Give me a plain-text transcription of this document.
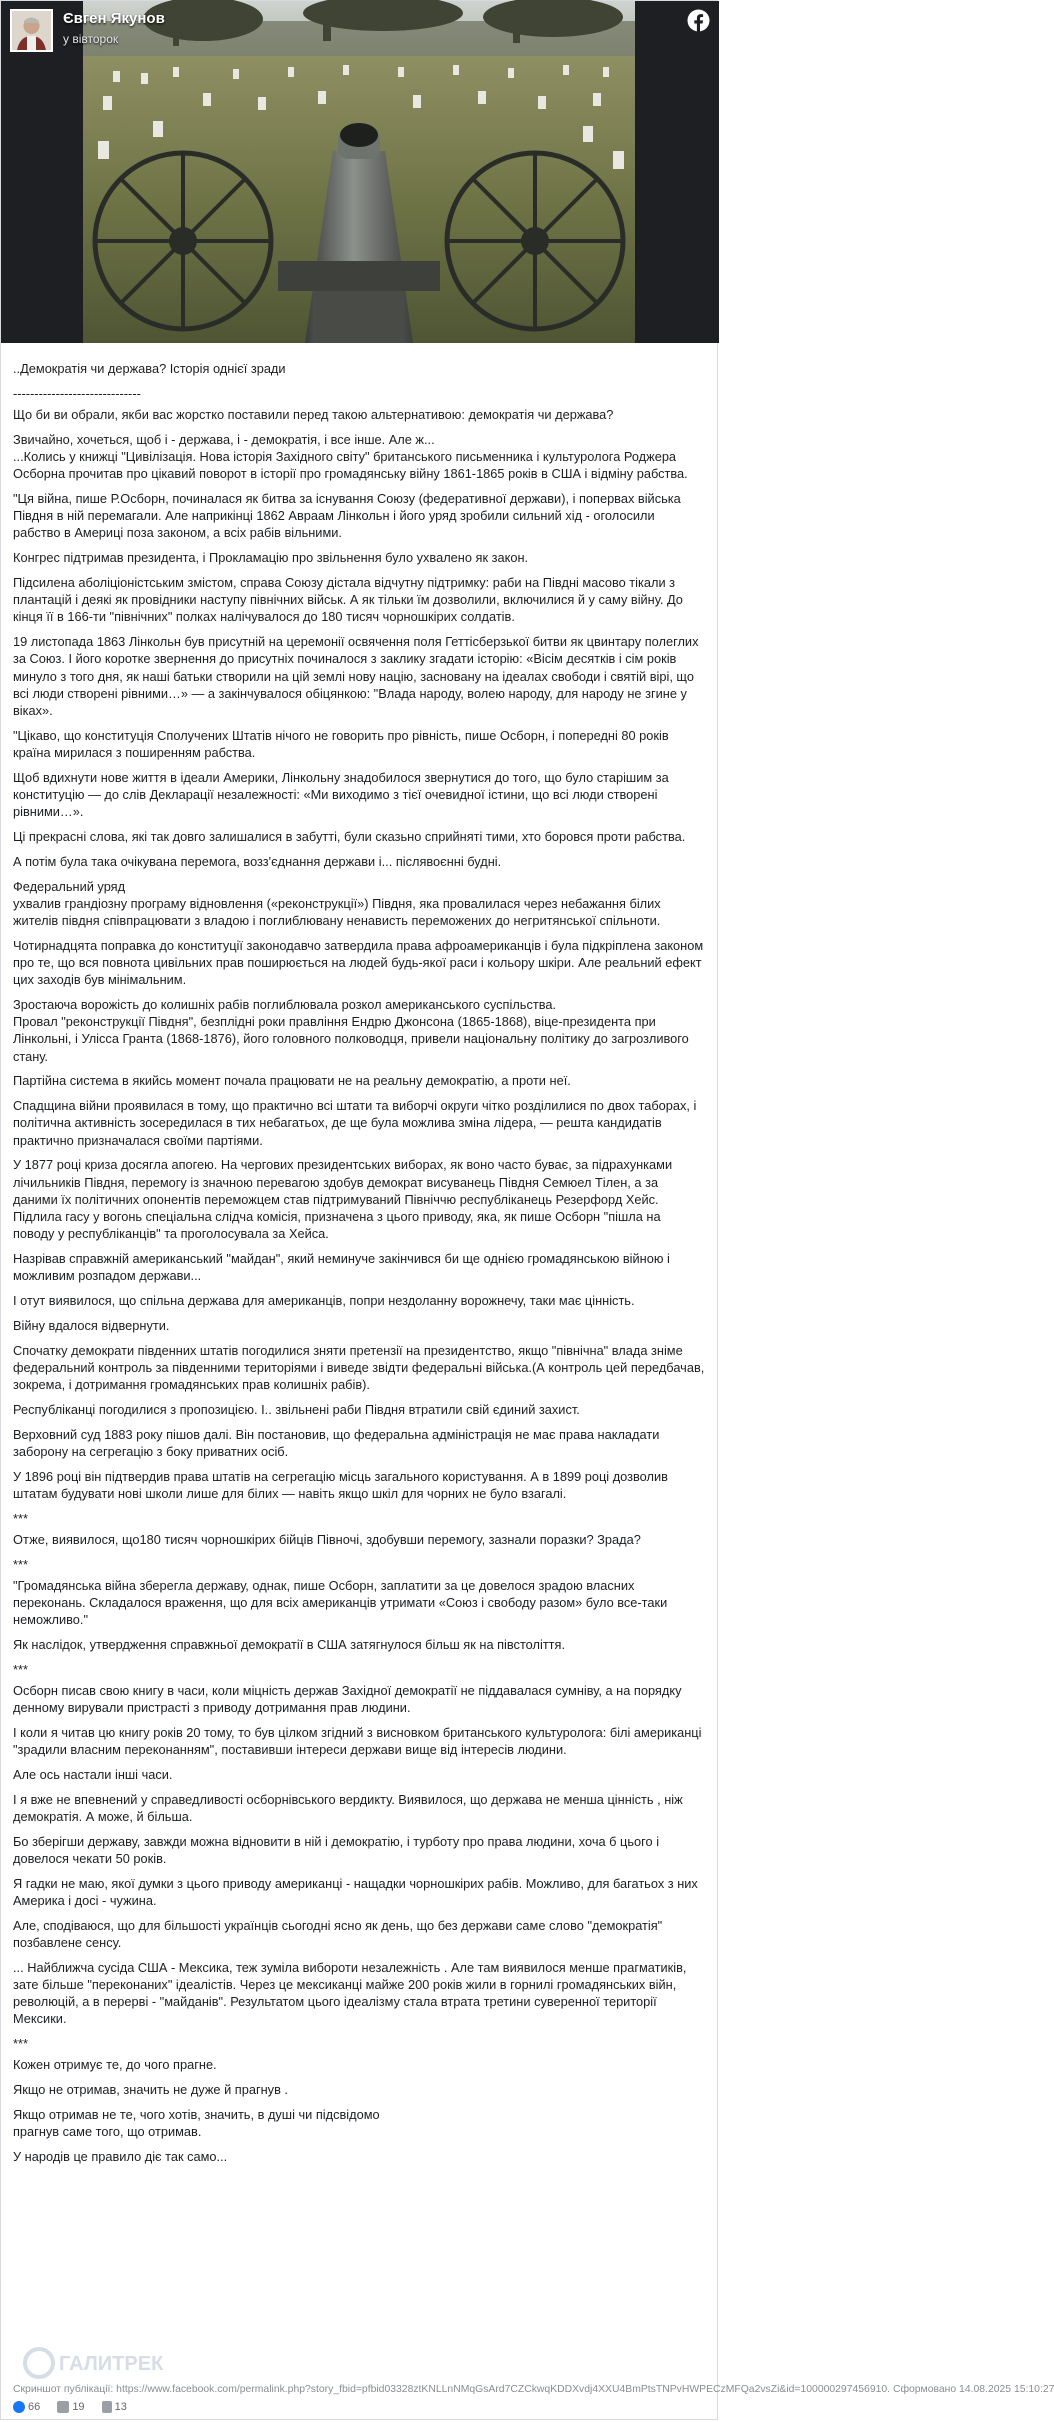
Євген Якунов
у вівторок

..Демократія чи держава? Історія однієї зради

------------------------------

Що би ви обрали, якби вас жорстко поставили перед такою альтернативою: демократія чи держава?

Звичайно, хочеться, щоб і - держава, і - демократія, і все інше. Але ж...
...Колись у книжці "Цивілізація. Нова історія Західного світу" британського письменника і культуролога Роджера Осборна прочитав про цікавий поворот в історії про громадянську війну 1861-1865 років в США і відміну рабства.

"Ця війна, пише Р.Осборн, починалася як битва за існування Союзу (федеративної держави), і поперваx війська Півдня в ній перемагали. Але наприкінці 1862 Авраам Лінкольн і його уряд зробили сильний хід - оголосили рабство в Америці поза законом, а всіх рабів вільними.

Конгрес підтримав президента, і Прокламацію про звільнення було ухвалено як закон.

Підсилена аболіціоністським змістом, справа Союзу дістала відчутну підтримку: раби на Півдні масово тікали з плантацій і деякі як провідники наступу північних військ. А як тільки їм дозволили, включилися й у саму війну. До кінця її в 166-ти "північних" полках налічувалося до 180 тисяч чорношкірих солдатів.

19 листопада 1863 Лінкольн був присутній на церемонії освячення поля Геттісберзької битви як цвинтару полеглих за Союз. І його коротке звернення до присутніх починалося з заклику згадати історію: «Вісім десятків і сім років минуло з того дня, як наші батьки створили на цій землі нову націю, засновану на ідеалах свободи і святій вірі, що всі люди створені рівними…» — а закінчувалося обіцянкою: "Влада народу, волею народу, для народу не згине у віках».

"Цікаво, що конституція Сполучених Штатів нічого не говорить про рівність, пише Осборн, і попередні 80 років країна мирилася з поширенням рабства.

Щоб вдихнути нове життя в ідеали Америки, Лінкольну знадобилося звернутися до того, що було старішим за конституцію — до слів Декларації незалежності: «Ми виходимо з тієї очевидної істини, що всі люди створені рівними…».

Ці прекрасні слова, які так довго залишалися в забутті, були сказьно сприйняті тими, хто боровся проти рабства.

А потім була така очікувана перемога, возз'єднання держави і... післявоєнні будні.

Федеральний уряд
ухвалив грандіозну програму відновлення («реконструкції») Півдня, яка провалилася через небажання білих жителів півдня співпрацювати з владою і поглиблювану ненависть переможених до негритянської спільноти.

Чотирнадцята поправка до конституції законодавчо затвердила права афроамериканців і була підкріплена законом про те, що вся повнота цивільних прав поширюється на людей будь-якої раси і кольору шкіри. Але реальний ефект цих заходів був мінімальним.

Зростаюча ворожість до колишніх рабів поглиблювала розкол американського суспільства.
Провал "реконструкції Півдня", безплідні роки правління Ендрю Джонсона (1865-1868), віце-президента при Лінкольні, і Улісса Гранта (1868-1876), його головного полководця, привели національну політику до загрозливого стану.

Партійна система в якийсь момент почала працювати не на реальну демократію, а проти неї.

Спадщина війни проявилася в тому, що практично всі штати та виборчі округи чітко розділилися по двох таборах, і політична активність зосередилася в тих небагатьох, де ще була можлива зміна лідера, — решта кандидатів практично призначалася своїми партіями.

У 1877 році криза досягла апогею. На чергових президентських виборах, як воно часто буває, за підрахунками лічильників Півдня, перемогу із значною перевагою здобув демократ висуванець Півдня Семюел Тілен, а за даними їх політичних опонентів переможцем став підтримуваний Північчю республіканець Резерфорд Хейс.
Підлила гасу у вогонь спеціальна слідча комісія, призначена з цього приводу, яка, як пише Осборн "пішла на поводу у республіканців" та проголосувала за Хейса.

Назрівав справжній американський "майдан", який неминуче закінчився би ще однією громадянською війною і можливим розпадом держави...

І отут виявилося, що спільна держава для американців, попри нездоланну ворожнечу, таки має цінність.

Війну вдалося відвернути.

Спочатку демократи південних штатів погодилися зняти претензії на президентство, якщо "північна" влада зніме федеральний контроль за південними територіями і виведе звідти федеральні війська.(А контроль цей передбачав, зокрема, і дотримання громадянських прав колишніх рабів).

Республіканці погодилися з пропозицією. І.. звільнені раби Півдня втратили свій єдиний захист.

Верховний суд 1883 року пішов далі. Він постановив, що федеральна адміністрація не має права накладати заборону на сегрегацію з боку приватних осіб.

У 1896 році він підтвердив права штатів на сегрегацію місць загального користування. А в 1899 році дозволив штатам будувати нові школи лише для білих — навіть якщо шкіл для чорних не було взагалі.

***

Отже, виявилося, що180 тисяч чорношкірих бійців Півночі, здобувши перемогу, зазнали поразки? Зрада?

***

"Громадянська війна зберегла державу, однак, пише Осборн, заплатити за це довелося зрадою власних переконань. Складалося враження, що для всіх американців утримати «Союз і свободу разом» було все-таки неможливо."

Як наслідок, утвердження справжньої демократії в США затягнулося більш як на півстоліття.

***

Осборн писав свою книгу в часи, коли міцність держав Західної демократії не піддавалася сумніву, а на порядку денному вирували пристрасті з приводу дотримання прав людини.

І коли я читав цю книгу років 20 тому, то був цілком згідний з висновком британського культуролога: білі американці "зрадили власним переконанням", поставивши інтереси держави вище від інтересів людини.

Але ось настали інші часи.

І я вже не впевнений у справедливості осборнівського вердикту. Виявилося, що держава не менша цінність , ніж демократія. А може, й більша.

Бо зберігши державу, завжди можна відновити в ній і демократію, і турботу про права людини, хоча б цього і довелося чекати 50 років.

Я гадки не маю, якої думки з цього приводу американці - нащадки чорношкірих рабів. Можливо, для багатьох з них Америка і досі - чужина.

Але, сподіваюся, що для більшості українців сьогодні ясно як день, що без держави саме слово "демократія" позбавлене сенсу.

... Найближча сусіда США - Мексика, теж зуміла вибороти незалежність . Але там виявилося менше прагматиків, зате більше "переконаних" ідеалістів. Через це мексиканці майже 200 років жили в горнилі громадянських війн, революцій, а в перерві - "майданів". Результатом цього ідеалізму стала втрата третини суверенної території Мексики.

***

Кожен отримує те, до чого прагне.

Якщо не отримав, значить не дуже й прагнув .

Якщо отримав не те, чого хотів, значить, в душі чи підсвідомо
прагнув саме того, що отримав.

У народів це правило діє так само...

ГАЛИТРЕК
Скриншот публікації: https://www.facebook.com/permalink.php?story_fbid=pfbid03328ztKNLLnNMqGsArd7CZCkwqKDDXvdj4XXU4BmPtsTNPvHWPECzMFQa2vsZi&id=100000297456910. Сформовано 14.08.2025 15:10:27
66	19	13
